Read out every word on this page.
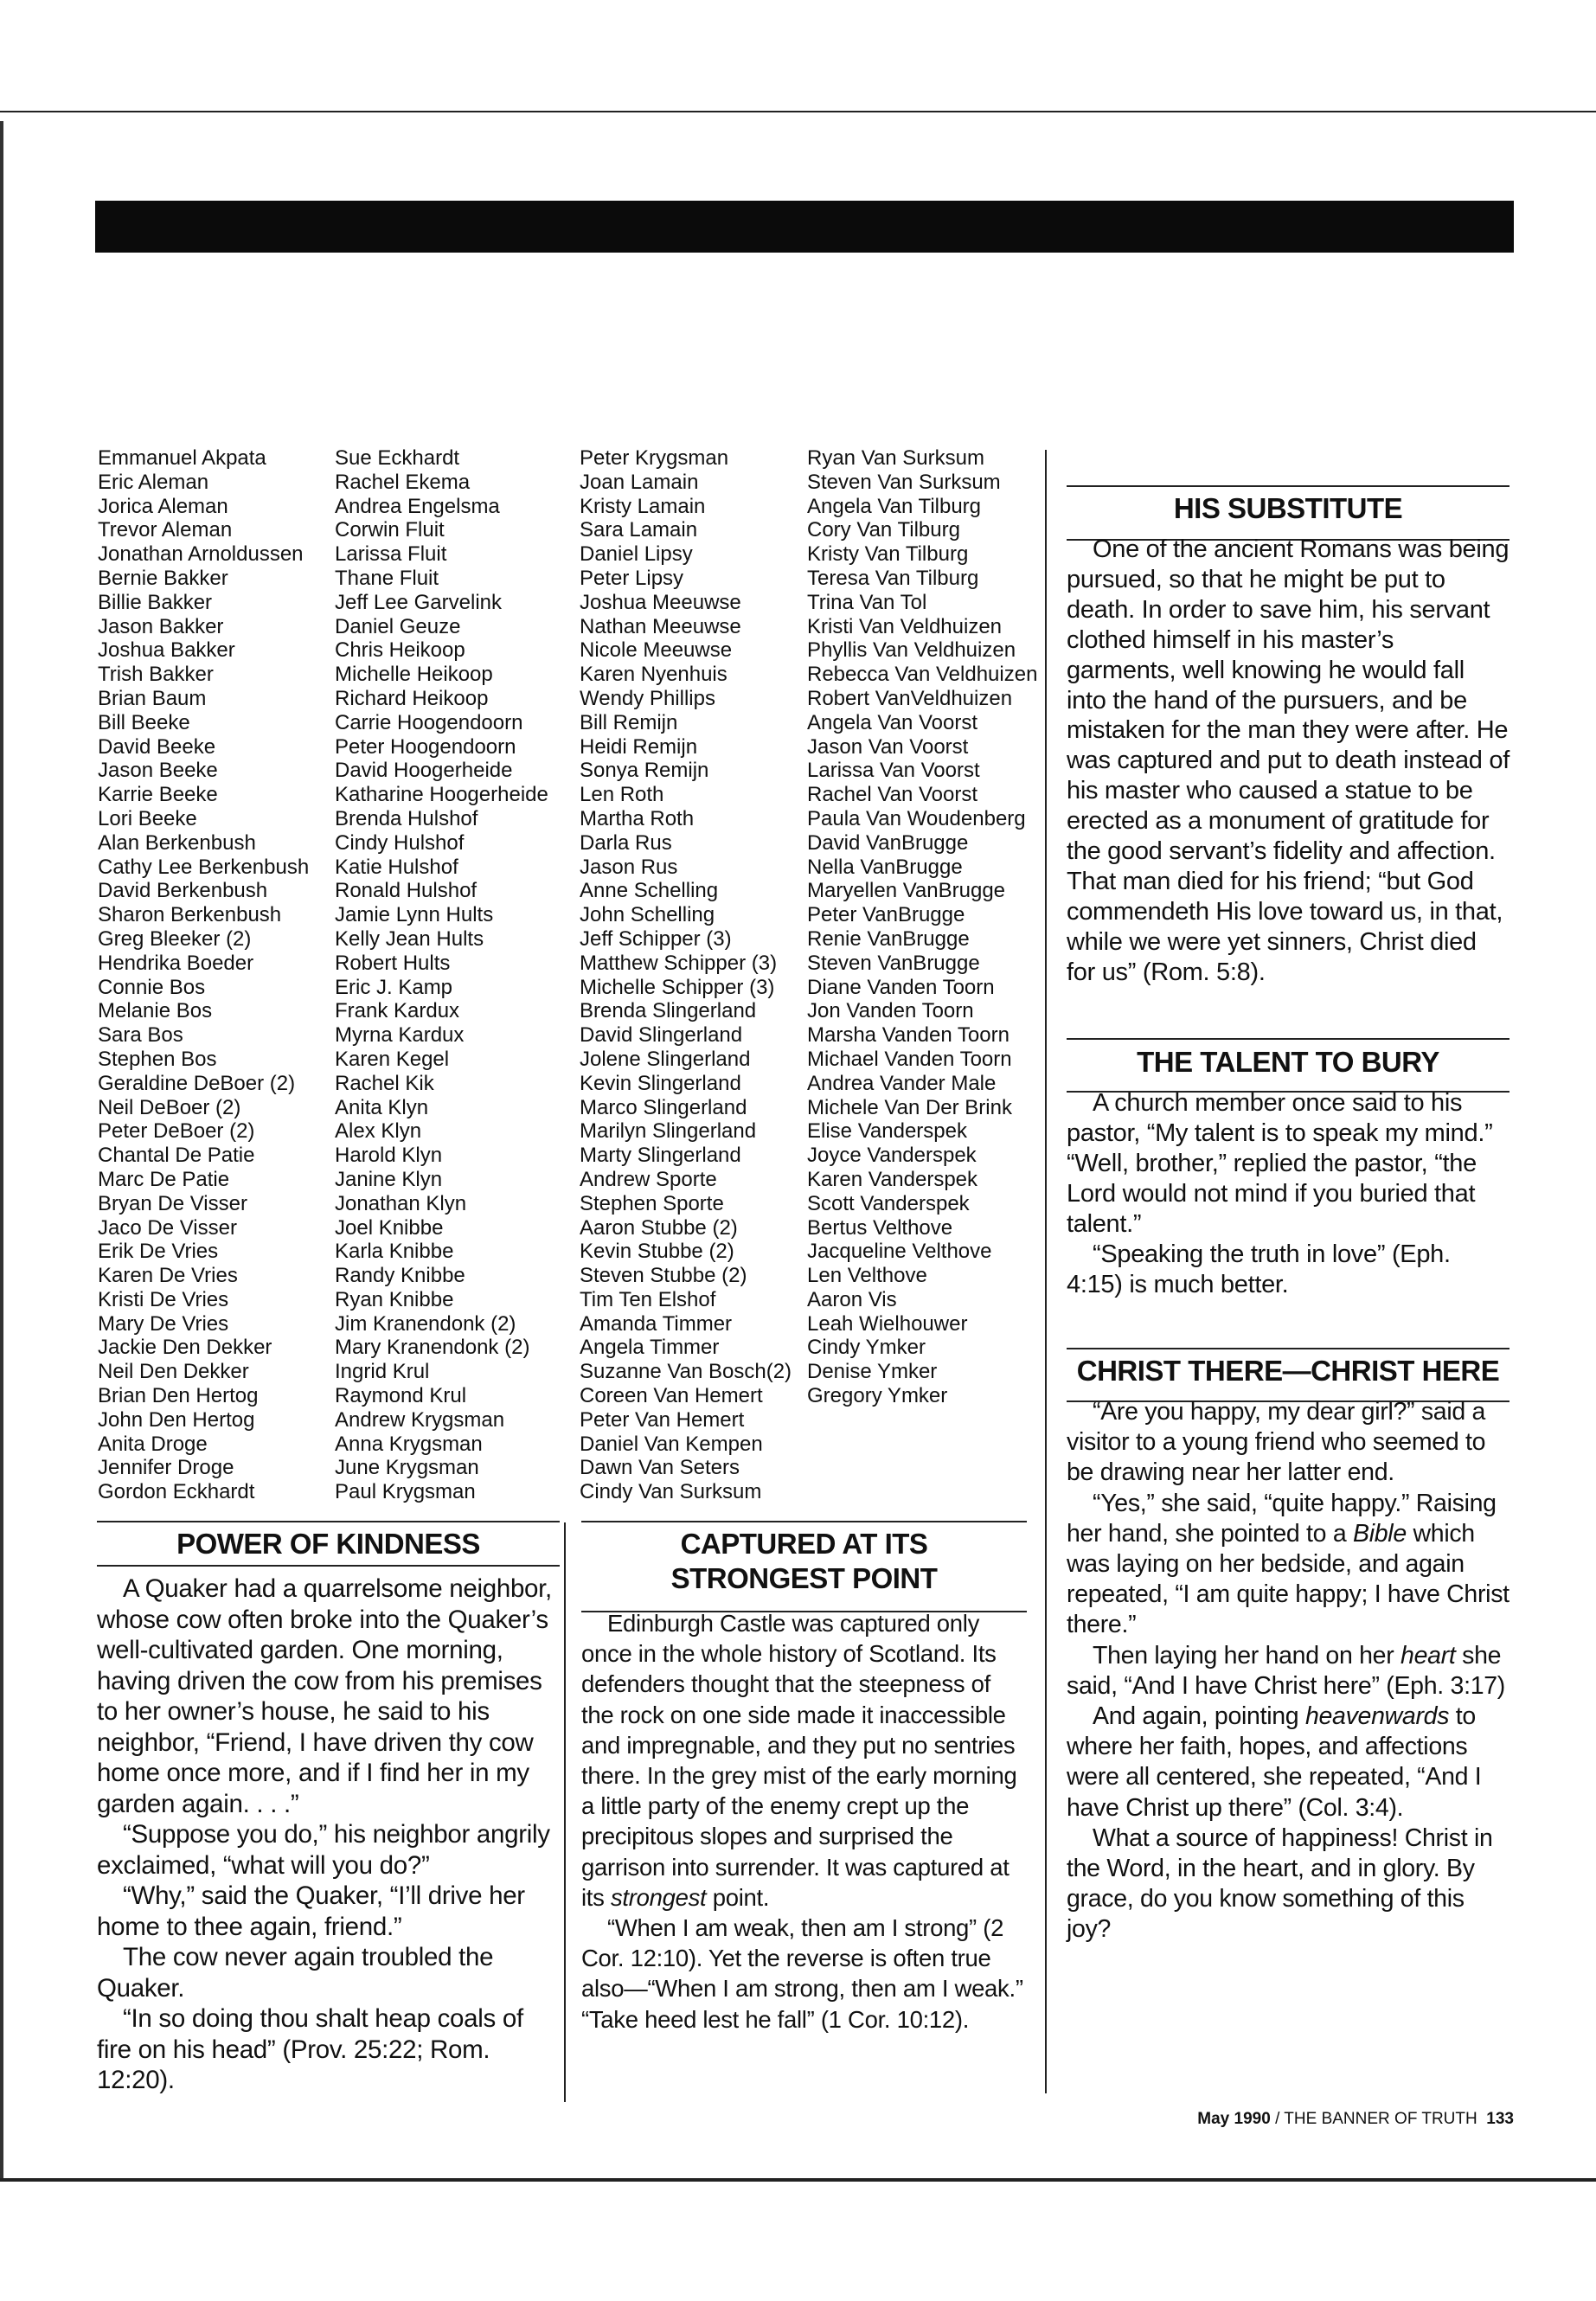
Emmanuel Akpata
Eric Aleman
Jorica Aleman
Trevor Aleman
Jonathan Arnoldussen
Bernie Bakker
Billie Bakker
Jason Bakker
Joshua Bakker
Trish Bakker
Brian Baum
Bill Beeke
David Beeke
Jason Beeke
Karrie Beeke
Lori Beeke
Alan Berkenbush
Cathy Lee Berkenbush
David Berkenbush
Sharon Berkenbush
Greg Bleeker (2)
Hendrika Boeder
Connie Bos
Melanie Bos
Sara Bos
Stephen Bos
Geraldine DeBoer (2)
Neil DeBoer (2)
Peter DeBoer (2)
Chantal De Patie
Marc De Patie
Bryan De Visser
Jaco De Visser
Erik De Vries
Karen De Vries
Kristi De Vries
Mary De Vries
Jackie Den Dekker
Neil Den Dekker
Brian Den Hertog
John Den Hertog
Anita Droge
Jennifer Droge
Gordon Eckhardt
Sue Eckhardt
Rachel Ekema
Andrea Engelsma
Corwin Fluit
Larissa Fluit
Thane Fluit
Jeff Lee Garvelink
Daniel Geuze
Chris Heikoop
Michelle Heikoop
Richard Heikoop
Carrie Hoogendoorn
Peter Hoogendoorn
David Hoogerheide
Katharine Hoogerheide
Brenda Hulshof
Cindy Hulshof
Katie Hulshof
Ronald Hulshof
Jamie Lynn Hults
Kelly Jean Hults
Robert Hults
Eric J. Kamp
Frank Kardux
Myrna Kardux
Karen Kegel
Rachel Kik
Anita Klyn
Alex Klyn
Harold Klyn
Janine Klyn
Jonathan Klyn
Joel Knibbe
Karla Knibbe
Randy Knibbe
Ryan Knibbe
Jim Kranendonk (2)
Mary Kranendonk (2)
Ingrid Krul
Raymond Krul
Andrew Krygsman
Anna Krygsman
June Krygsman
Paul Krygsman
Peter Krygsman
Joan Lamain
Kristy Lamain
Sara Lamain
Daniel Lipsy
Peter Lipsy
Joshua Meeuwse
Nathan Meeuwse
Nicole Meeuwse
Karen Nyenhuis
Wendy Phillips
Bill Remijn
Heidi Remijn
Sonya Remijn
Len Roth
Martha Roth
Darla Rus
Jason Rus
Anne Schelling
John Schelling
Jeff Schipper (3)
Matthew Schipper (3)
Michelle Schipper (3)
Brenda Slingerland
David Slingerland
Jolene Slingerland
Kevin Slingerland
Marco Slingerland
Marilyn Slingerland
Marty Slingerland
Andrew Sporte
Stephen Sporte
Aaron Stubbe (2)
Kevin Stubbe (2)
Steven Stubbe (2)
Tim Ten Elshof
Amanda Timmer
Angela Timmer
Suzanne Van Bosch(2)
Coreen Van Hemert
Peter Van Hemert
Daniel Van Kempen
Dawn Van Seters
Cindy Van Surksum
Ryan Van Surksum
Steven Van Surksum
Angela Van Tilburg
Cory Van Tilburg
Kristy Van Tilburg
Teresa Van Tilburg
Trina Van Tol
Kristi Van Veldhuizen
Phyllis Van Veldhuizen
Rebecca Van Veldhuizen
Robert VanVeldhuizen
Angela Van Voorst
Jason Van Voorst
Larissa Van Voorst
Rachel Van Voorst
Paula Van Woudenberg
David VanBrugge
Nella VanBrugge
Maryellen VanBrugge
Peter VanBrugge
Renie VanBrugge
Steven VanBrugge
Diane Vanden Toorn
Jon Vanden Toorn
Marsha Vanden Toorn
Michael Vanden Toorn
Andrea Vander Male
Michele Van Der Brink
Elise Vanderspek
Joyce Vanderspek
Karen Vanderspek
Scott Vanderspek
Bertus Velthove
Jacqueline Velthove
Len Velthove
Aaron Vis
Leah Wielhouwer
Cindy Ymker
Denise Ymker
Gregory Ymker
POWER OF KINDNESS

A Quaker had a quarrelsome neighbor, whose cow often broke into the Quaker’s well-cultivated garden. One morning, having driven the cow from his premises to her owner’s house, he said to his neighbor, “Friend, I have driven thy cow home once more, and if I find her in my garden again. . . .”

“Suppose you do,” his neighbor angrily exclaimed, “what will you do?”

“Why,” said the Quaker, “I’ll drive her home to thee again, friend.”

The cow never again troubled the Quaker.

“In so doing thou shalt heap coals of fire on his head” (Prov. 25:22; Rom. 12:20).

CAPTURED AT ITS
STRONGEST POINT

Edinburgh Castle was captured only once in the whole history of Scotland. Its defenders thought that the steepness of the rock on one side made it inaccessible and impregnable, and they put no sentries there. In the grey mist of the early morning a little party of the enemy crept up the precipitous slopes and surprised the garrison into surrender. It was captured at its strongest point.

“When I am weak, then am I strong” (2 Cor. 12:10). Yet the reverse is often true also—“When I am strong, then am I weak.” “Take heed lest he fall” (1 Cor. 10:12).

HIS SUBSTITUTE

One of the ancient Romans was being pursued, so that he might be put to death. In order to save him, his servant clothed himself in his master’s garments, well knowing he would fall into the hand of the pursuers, and be mistaken for the man they were after. He was captured and put to death instead of his master who caused a statue to be erected as a monument of gratitude for the good servant’s fidelity and affection. That man died for his friend; “but God commendeth His love toward us, in that, while we were yet sinners, Christ died for us” (Rom. 5:8).

THE TALENT TO BURY

A church member once said to his pastor, “My talent is to speak my mind.” “Well, brother,” replied the pastor, “the Lord would not mind if you buried that talent.”

“Speaking the truth in love” (Eph. 4:15) is much better.

CHRIST THERE—CHRIST HERE

“Are you happy, my dear girl?” said a visitor to a young friend who seemed to be drawing near her latter end.

“Yes,” she said, “quite happy.” Raising her hand, she pointed to a Bible which was laying on her bedside, and again repeated, “I am quite happy; I have Christ there.”

Then laying her hand on her heart she said, “And I have Christ here” (Eph. 3:17)

And again, pointing heavenwards to where her faith, hopes, and affections were all centered, she repeated, “And I have Christ up there” (Col. 3:4).

What a source of happiness! Christ in the Word, in the heart, and in glory. By grace, do you know something of this joy?

May 1990 / THE BANNER OF TRUTH 133
